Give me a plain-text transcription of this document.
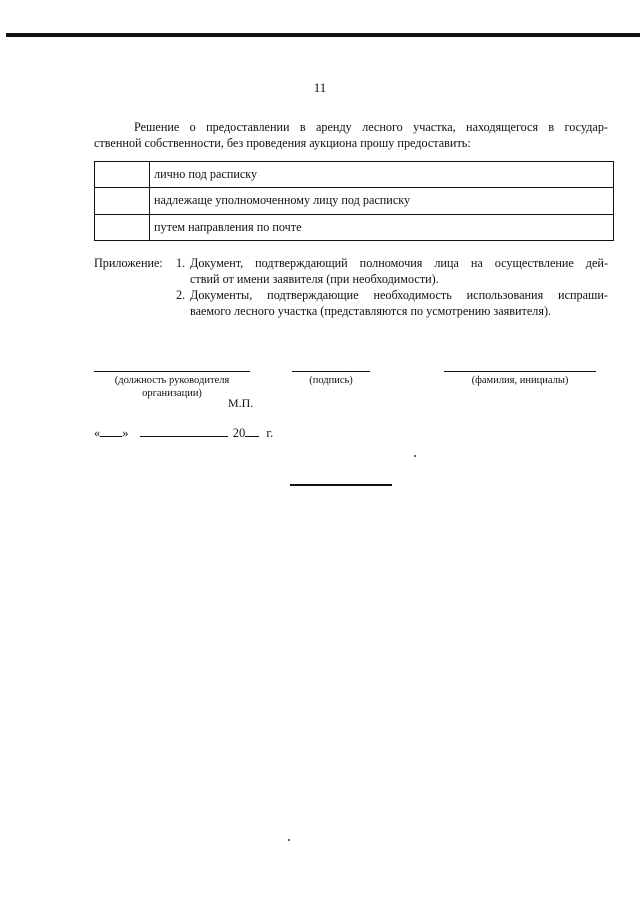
11
Решение о предоставлении в аренду лесного участка, находящегося в государ-
ственной собственности, без проведения аукциона прошу предоставить:
	лично под расписку
	надлежаще уполномоченному лицу под расписку
	путем направления по почте
Приложение:	1. Документ, подтверждающий полномочия лица на осуществление дей-
ствий от имени заявителя (при необходимости).
2. Документы, подтверждающие необходимость использования испраши-
ваемого лесного участка (представляются по усмотрению заявителя).
(должность руководителя
организации)
(подпись)	(фамилия, инициалы)
М.П.
« »	20 г.
